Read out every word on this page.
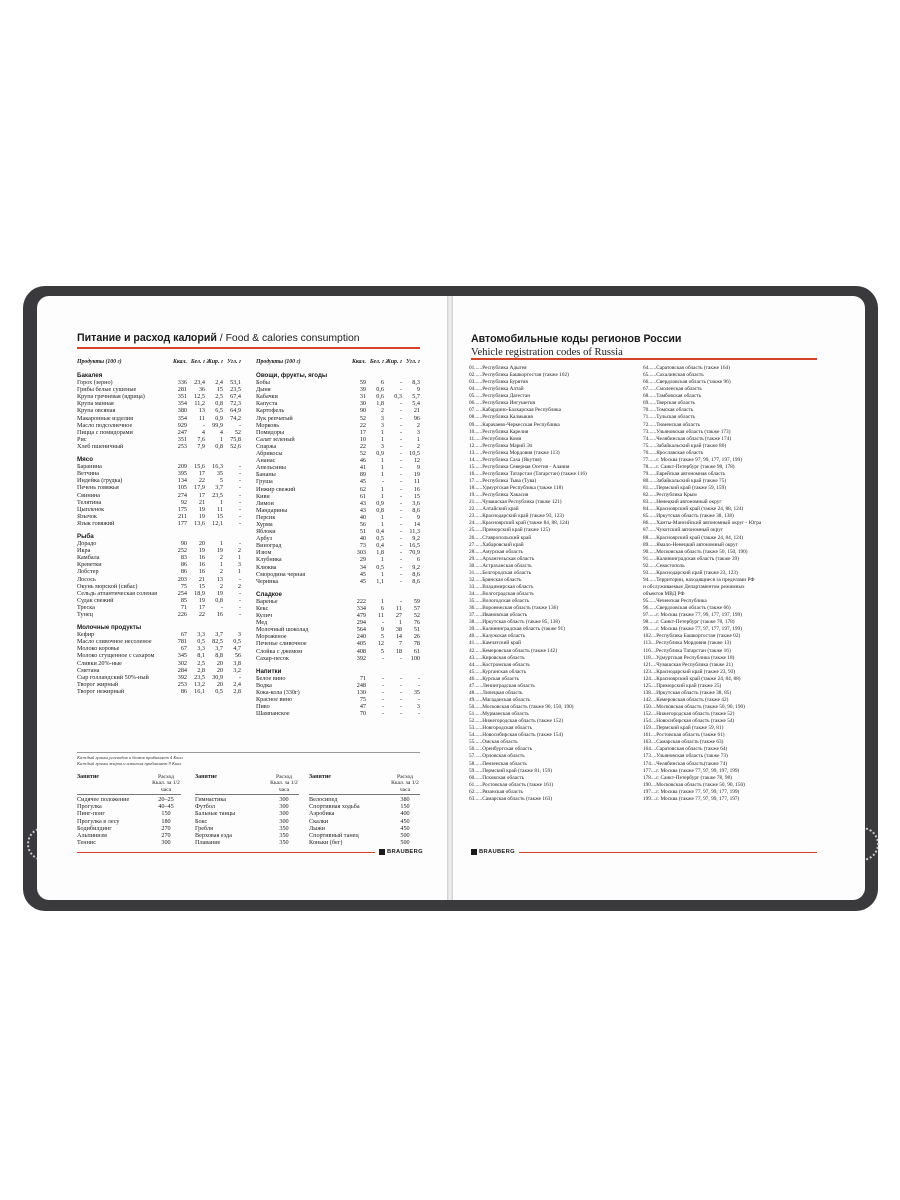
Питание и расход калорий / Food & calories consumption
Продукты (100 г)	Ккал. Бел. г Жир. г Угл. г
Бакалея
Горох (зерно)	336	23,4	2,4	53,1
Грибы белые сушеные	281	36	15	23,5
Крупа гречневая (ядрица)	351	12,5	2,5	67,4
Крупа манная	354	11,2	0,8	72,3
Крупа овсяная	380	13	6,5	64,9
Макаронные изделия	354	11	0,9	74,2
Масло подсолнечное	929	-	99,9	-
Пицца с помидорами	247	4	4	52
Рис	351	7,6	1	75,8
Хлеб пшеничный	253	7,9	0,8	52,6
Мясо
Баранина	209	15,6	16,3	-
Ветчина	395	17	35	-
Индейка (грудка)	134	22	5	-
Печень говяжья	105	17,9	3,7	-
Свинина	274	17	23,5	-
Телятина	92	21	1	-
Цыпленок	175	19	11	-
Язычок	211	19	15	-
Язык говяжий	177	13,6	12,1	-
Рыба
Дорадо	90	20	1	-
Икра	252	19	19	2
Камбала	83	16	2	1
Креветки	86	16	1	3
Лобстер	86	16	2	1
Лосось	203	21	13	-
Окунь морской (сибас)	75	15	2	2
Сельдь атлантическая соленая	254	18,9	19	-
Судак свежий	85	19	0,8	-
Треска	71	17	-	-
Тунец	226	22	16	-
Молочные продукты
Кефир	67	3,3	3,7	3
Масло сливочное несоленое	781	0,5	82,5	0,5
Молоко коровье	67	3,3	3,7	4,7
Молоко сгущенное с сахаром	345	8,1	8,8	56
Сливки 20%-ные	302	2,5	20	3,8
Сметана	284	2,8	20	3,2
Сыр голландский 50%-ный	392	23,5	30,9	-
Творог жирный	253	13,2	20	2,4
Творог нежирный	86	16,1	0,5	2,8
Продукты (100 г)	Ккал. Бел. г Жир. г Угл. г
Овощи, фрукты, ягоды
Бобы	59	6	-	8,3
Дыня	39	0,6	-	9
Кабачки	31	0,6	0,3	5,7
Капуста	30	1,8	-	5,4
Картофель	90	2	-	21
Лук репчатый	52	3	-	96
Морковь	22	3	-	2
Помидоры	17	1	-	3
Салат зеленый	10	1	-	1
Спаржа	22	3	-	2
Абрикосы	52	0,9	-	10,5
Ананас	46	1	-	12
Апельсины	41	1	-	9
Бананы	89	1	-	19
Груша	45	-	-	11
Инжир свежий	62	1	-	16
Киви	61	1	-	15
Лимон	43	0,9	-	3,6
Мандарины	43	0,8	-	8,6
Персик	40	1	-	9
Хурма	56	1	-	14
Яблоки	51	0,4	-	11,3
Арбуз	40	0,5	-	9,2
Виноград	73	0,4	-	16,5
Изюм	303	1,8	-	70,9
Клубника	29	1	-	6
Клюква	34	0,5	-	9,2
Смородина черная	45	1	-	8,6
Черника	45	1,1	-	8,6
Сладкое
Варенье	222	1	-	59
Кекс	334	6	11	57
Кулич	479	11	27	52
Мед	294	-	1	76
Молочный шоколад	564	9	38	51
Мороженое	240	5	14	26
Печенье сливочное	405	12	7	78
Слойка с джемом	408	5	18	61
Сахар-песок	392	-	-	100
Напитки
Белое вино	71	-	-	-
Водка	248	-	-	-
Кока-кола (330г)	130	-	-	35
Красное вино	75	-	-	-
Пиво	47	-	-	3
Шампанское	70	-	-	-
Каждый грамм углеводов и белков прибавляет 4 Ккал
Каждый грамм жиров и алкоголя прибавляет 9 Ккал
Занятие	Расход Ккал. за 1/2 часа
Сидячее положение	20–25
Прогулка	40–45
Пинг-понг	150
Прогулка в лесу	180
Бодибилдинг	270
Альпинизм	270
Теннис	300
Занятие	Расход Ккал. за 1/2 часа
Гимнастика	300
Футбол	300
Бальные танцы	300
Бокс	300
Гребля	350
Верховая езда	350
Плавание	350
Занятие	Расход Ккал. за 1/2 часа
Велосипед	380
Спортивная ходьба	150
Аэробика	400
Скалки	450
Лыжи	450
Спортивный танец	500
Коньки (бег)	500
BRAUBERG
Автомобильные коды регионов России
Vehicle registration codes of Russia
01......Республика Адыгея
02......Республика Башкортостан (также 102)
03......Республика Бурятия
04......Республика Алтай
05......Республика Дагестан
06......Республика Ингушетия
07......Кабардино-Балкарская Республика
08......Республика Калмыкия
09......Карачаево-Черкесская Республика
10......Республика Карелия
11......Республика Коми
12......Республика Марий Эл
13......Республика Мордовия (также 113)
14......Республика Саха (Якутия)
15......Республика Северная Осетия - Алания
16......Республика Татарстан (Татарстан) (также 116)
17......Республика Тыва (Тува)
18......Удмуртская Республика (также 118)
19......Республика Хакасия
21......Чувашская Республика (также 121)
22......Алтайский край
23......Краснодарский край (также 93, 123)
24......Красноярский край (также 84, 88, 124)
25......Приморский край (также 125)
26......Ставропольский край
27......Хабаровский край
28......Амурская область
29......Архангельская область
30......Астраханская область
31......Белгородская область
32......Брянская область
33......Владимирская область
34......Волгоградская область
35......Вологодская область
36......Воронежская область (также 136)
37......Ивановская область
38......Иркутская область (также 85, 138)
39......Калининградская область (также 91)
40......Калужская область
41......Камчатский край
42......Кемеровская область (также 142)
43......Кировская область
44......Костромская область
45......Курганская область
46......Курская область
47......Ленинградская область
48......Липецкая область
49......Магаданская область
50......Московская область (также 90, 150, 190)
51......Мурманская область
52......Нижегородская область (также 152)
53......Новгородская область
54......Новосибирская область (также 154)
55......Омская область
56......Оренбургская область
57......Орловская область
58......Пензенская область
59......Пермский край (также 81, 159)
60......Псковская область
61......Ростовская область (также 161)
62......Рязанская область
63......Самарская область (также 163)
64......Саратовская область (также 164)
65......Сахалинская область
66......Свердловская область (также 96)
67......Смоленская область
68......Тамбовская область
69......Тверская область
70......Томская область
71......Тульская область
72......Тюменская область
73......Ульяновская область (также 173)
74......Челябинская область (также 174)
75......Забайкальский край (также 80)
76......Ярославская область
77......г. Москва (также 97, 99, 177, 197, 199)
78......г. Санкт-Петербург (также 98, 178)
79......Еврейская автономная область
80......Забайкальский край (также 75)
81......Пермский край (также 59, 159)
82......Республика Крым
83......Ненецкий автономный округ
84......Красноярский край (также 24, 88, 124)
85......Иркутская область (также 38, 138)
86......Ханты-Мансийский автономный округ - Югра
87......Чукотский автономный округ
88......Красноярский край (также 24, 84, 124)
89......Ямало-Ненецкий автономный округ
90......Московская область (также 50, 150, 190)
91......Калининградская область (также 39)
92......Севастополь
93......Краснодарский край (также 23, 123)
94......Территории, находящиеся за пределами РФ
и обслуживаемые Департаментом режимных
объектов МВД РФ
95......Чеченская Республика
96......Свердловская область (также 66)
97......г. Москва (также 77, 99, 177, 197, 199)
98......г. Санкт-Петербург (также 78, 178)
99......г. Москва (также 77, 97, 177, 197, 199)
102....Республика Башкортостан (также 02)
113....Республика Мордовия (также 13)
116....Республика Татарстан (также 16)
118....Удмуртская Республика (также 18)
121....Чувашская Республика (также 21)
123....Краснодарский край (также 23, 93)
124....Красноярский край (также 24, 84, 88)
125....Приморский край (также 25)
138....Иркутская область (также 38, 85)
142....Кемеровская область (также 42)
150....Московская область (также 50, 90, 190)
152....Нижегородская область (также 52)
154....Новосибирская область (также 54)
159....Пермский край (также 59, 81)
161....Ростовская область (также 61)
163....Самарская область (также 63)
164....Саратовская область (также 64)
173....Ульяновская область (также 73)
174....Челябинская область(также 74)
177....г. Москва (также 77, 97, 99, 197, 199)
178....г. Санкт-Петербург (также 78, 98)
190....Московская область (также 50, 90, 150)
197....г. Москва (также 77, 97, 99, 177, 199)
199....г. Москва (также 77, 97, 99, 177, 197)
BRAUBERG
